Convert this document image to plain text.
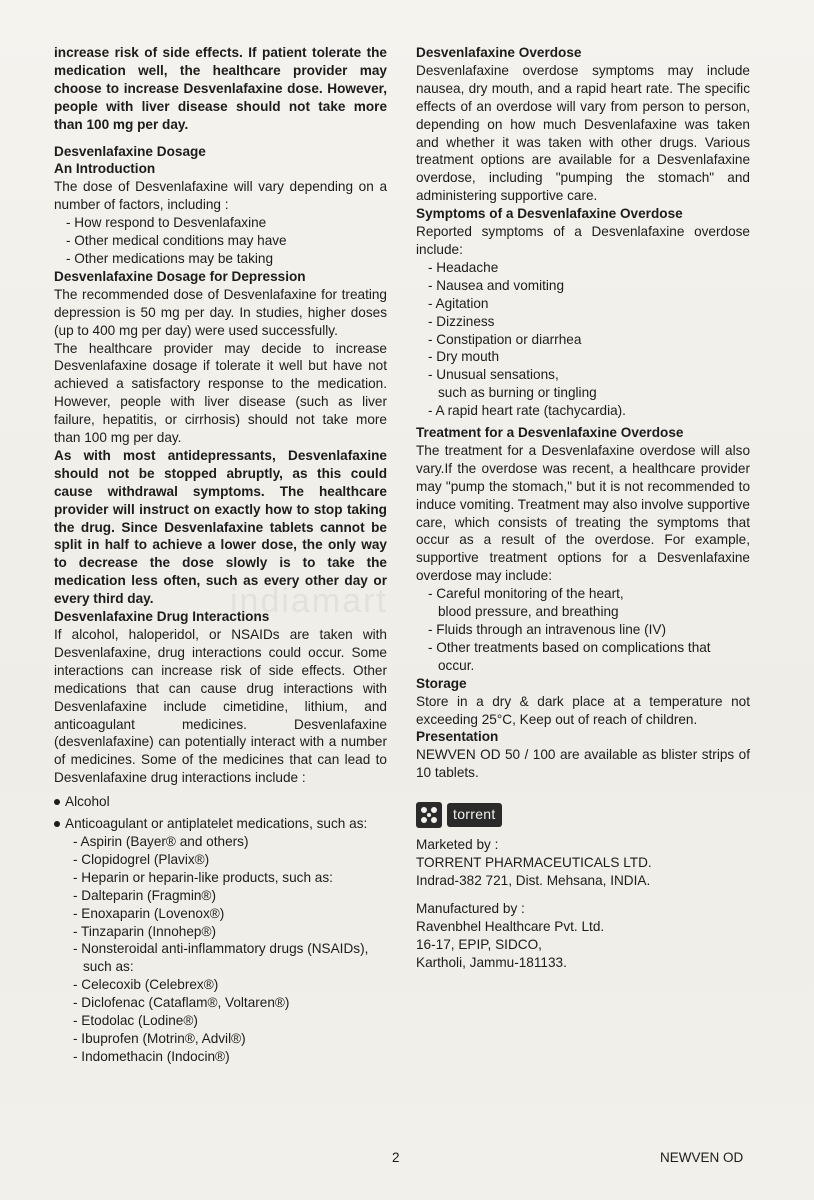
indiamart

increase risk of side effects. If patient tolerate the medication well, the healthcare provider may choose to increase Desvenlafaxine dose. However, people with liver disease should not take more than 100 mg per day.

Desvenlafaxine Dosage
An Introduction

The dose of Desvenlafaxine will vary depending on a number of factors, including :

- How respond to Desvenlafaxine
- Other medical conditions may have
- Other medications may be taking
Desvenlafaxine Dosage for Depression

The recommended dose of Desvenlafaxine for treating depression is 50 mg per day. In studies, higher doses (up to 400 mg per day) were used successfully.

The healthcare provider may decide to increase Desvenlafaxine dosage if tolerate it well but have not achieved a satisfactory response to the medication. However, people with liver disease (such as liver failure, hepatitis, or cirrhosis) should not take more than 100 mg per day.

As with most antidepressants, Desvenlafaxine should not be stopped abruptly, as this could cause withdrawal symptoms. The healthcare provider will instruct on exactly how to stop taking the drug. Since Desvenlafaxine tablets cannot be split in half to achieve a lower dose, the only way to decrease the dose slowly is to take the medication less often, such as every other day or every third day.

Desvenlafaxine Drug Interactions

If alcohol, haloperidol, or NSAIDs are taken with Desvenlafaxine, drug interactions could occur. Some interactions can increase risk of side effects. Other medications that can cause drug interactions with Desvenlafaxine include cimetidine, lithium, and anticoagulant medicines. Desvenlafaxine (desvenlafaxine) can potentially interact with a number of medicines. Some of the medicines that can lead to Desvenlafaxine drug interactions include :

Alcohol
Anticoagulant or antiplatelet medications, such as:
- Aspirin (Bayer® and others)
- Clopidogrel (Plavix®)
- Heparin or heparin-like products, such as:
- Dalteparin (Fragmin®)
- Enoxaparin (Lovenox®)
- Tinzaparin (Innohep®)
- Nonsteroidal anti-inflammatory drugs (NSAIDs),
such as:
- Celecoxib (Celebrex®)
- Diclofenac (Cataflam®, Voltaren®)
- Etodolac (Lodine®)
- Ibuprofen (Motrin®, Advil®)
- Indomethacin (Indocin®)
Desvenlafaxine Overdose

Desvenlafaxine overdose symptoms may include nausea, dry mouth, and a rapid heart rate. The specific effects of an overdose will vary from person to person, depending on how much Desvenlafaxine was taken and whether it was taken with other drugs. Various treatment options are available for a Desvenlafaxine overdose, including "pumping the stomach" and administering supportive care.

Symptoms of a Desvenlafaxine Overdose

Reported symptoms of a Desvenlafaxine overdose include:

- Headache
- Nausea and vomiting
- Agitation
- Dizziness
- Constipation or diarrhea
- Dry mouth
- Unusual sensations,
such as burning or tingling
- A rapid heart rate (tachycardia).
Treatment for a Desvenlafaxine Overdose

The treatment for a Desvenlafaxine overdose will also vary.If the overdose was recent, a healthcare provider may "pump the stomach," but it is not recommended to induce vomiting. Treatment may also involve supportive care, which consists of treating the symptoms that occur as a result of the overdose. For example, supportive treatment options for a Desvenlafaxine overdose may include:

- Careful monitoring of the heart,
blood pressure, and breathing
- Fluids through an intravenous line (IV)
- Other treatments based on complications that
occur.
Storage

Store in a dry & dark place at a temperature not exceeding 25°C, Keep out of reach of children.

Presentation

NEWVEN OD 50 / 100 are available as blister strips of 10 tablets.

torrent
Marketed by :
TORRENT PHARMACEUTICALS LTD.
Indrad-382 721, Dist. Mehsana, INDIA.
Manufactured by :
Ravenbhel Healthcare Pvt. Ltd.
16-17, EPIP, SIDCO,
Kartholi, Jammu-181133.
2	NEWVEN OD
